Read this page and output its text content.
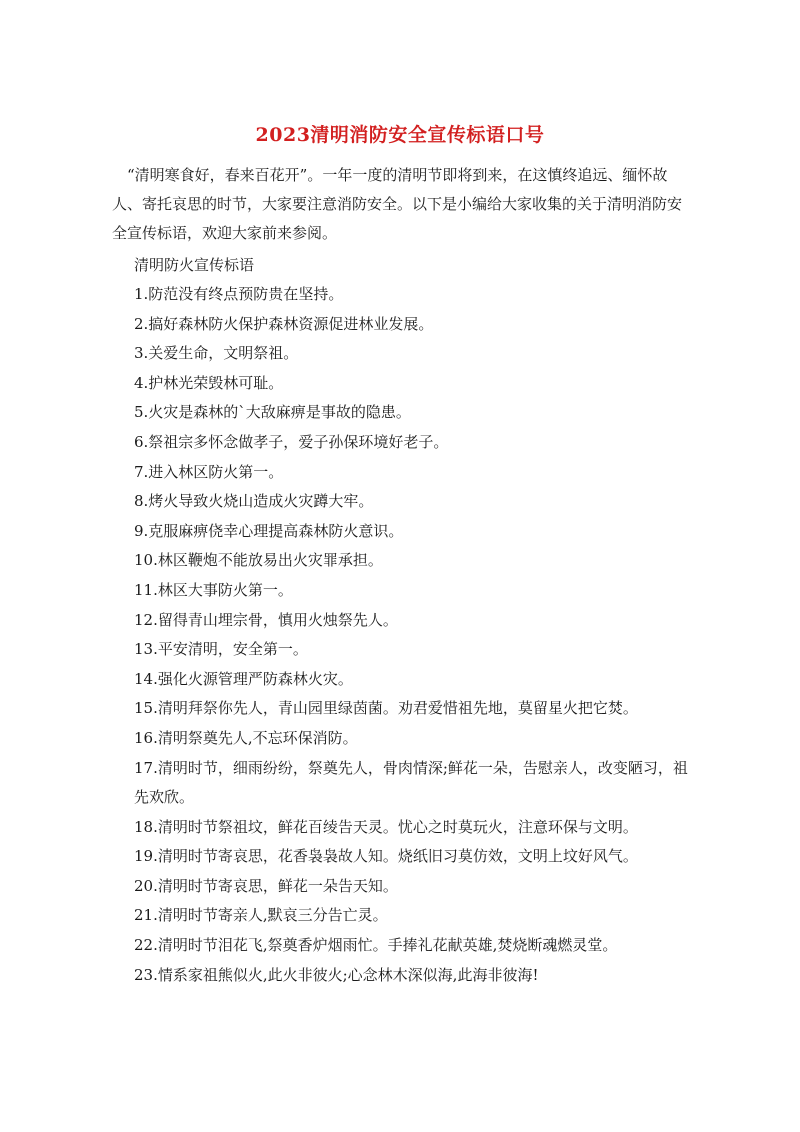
2023清明消防安全宣传标语口号

“清明寒食好，春来百花开”。一年一度的清明节即将到来，在这慎终追远、缅怀故人、寄托哀思的时节，大家要注意消防安全。以下是小编给大家收集的关于清明消防安全宣传标语，欢迎大家前来参阅。

清明防火宣传标语

1.防范没有终点预防贵在坚持。
2.搞好森林防火保护森林资源促进林业发展。
3.关爱生命，文明祭祖。
4.护林光荣毁林可耻。
5.火灾是森林的`大敌麻痹是事故的隐患。
6.祭祖宗多怀念做孝子，爱子孙保环境好老子。
7.进入林区防火第一。
8.烤火导致火烧山造成火灾蹲大牢。
9.克服麻痹侥幸心理提高森林防火意识。
10.林区鞭炮不能放易出火灾罪承担。
11.林区大事防火第一。
12.留得青山埋宗骨，慎用火烛祭先人。
13.平安清明，安全第一。
14.强化火源管理严防森林火灾。
15.清明拜祭你先人，青山园里绿茵菌。劝君爱惜祖先地，莫留星火把它焚。
16.清明祭奠先人,不忘环保消防。
17.清明时节，细雨纷纷，祭奠先人，骨肉情深;鲜花一朵，告慰亲人，改变陋习，祖先欢欣。
18.清明时节祭祖坟，鲜花百绫告天灵。忧心之时莫玩火，注意环保与文明。
19.清明时节寄哀思，花香袅袅故人知。烧纸旧习莫仿效，文明上坟好风气。
20.清明时节寄哀思，鲜花一朵告天知。
21.清明时节寄亲人,默哀三分告亡灵。
22.清明时节泪花飞,祭奠香炉烟雨忙。手捧礼花献英雄,焚烧断魂燃灵堂。
23.情系家祖熊似火,此火非彼火;心念林木深似海,此海非彼海!
